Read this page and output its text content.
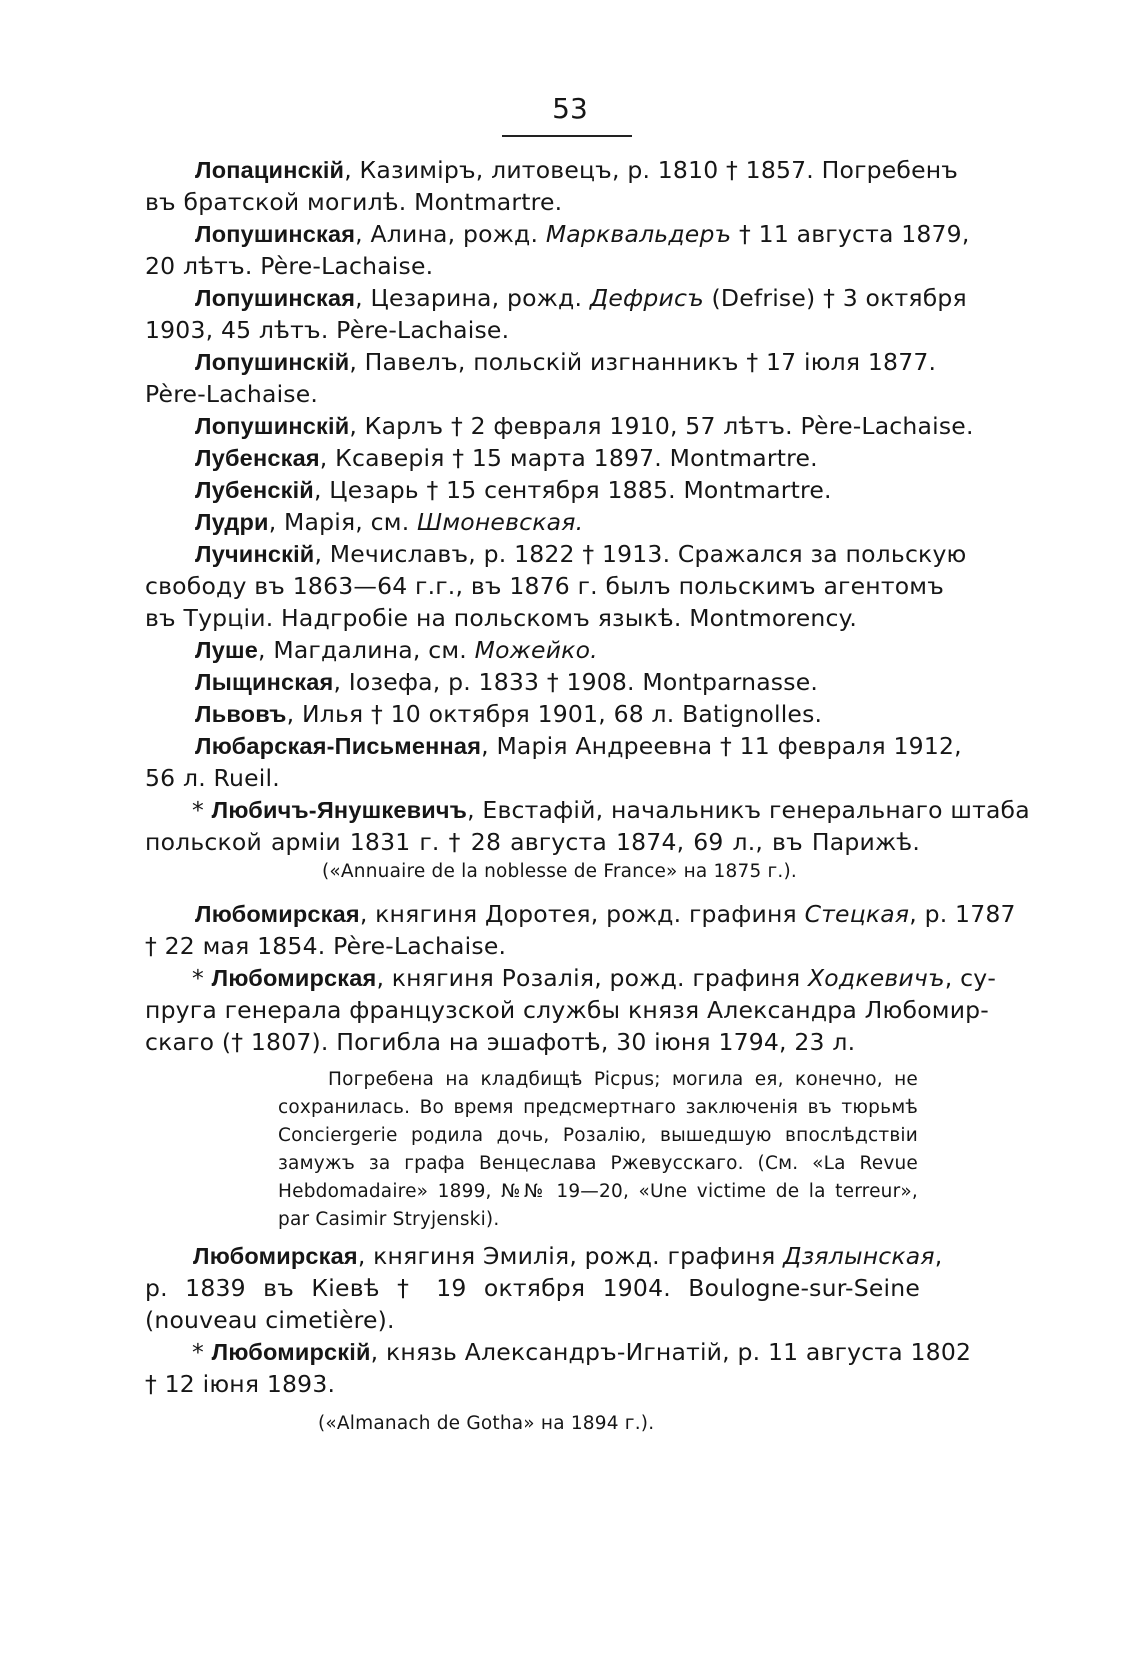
53
Лопацинскій, Казиміръ, литовецъ, р. 1810 † 1857. Погребенъ
въ братской могилѣ. Montmartre.
Лопушинская, Алина, рожд. Марквальдеръ † 11 августа 1879,
20 лѣтъ. Père-Lachaise.
Лопушинская, Цезарина, рожд. Дефрисъ (Defrise) † 3 октября
1903, 45 лѣтъ. Père-Lachaise.
Лопушинскій, Павелъ, польскій изгнанникъ † 17 іюля 1877.
Père-Lachaise.
Лопушинскій, Карлъ † 2 февраля 1910, 57 лѣтъ. Père-Lachaise.
Лубенская, Ксаверія † 15 марта 1897. Montmartre.
Лубенскій, Цезарь † 15 сентября 1885. Montmartre.
Лудри, Марія, см. Шмоневская.
Лучинскій, Мечиславъ, р. 1822 † 1913. Сражался за польскую
свободу въ 1863—64 г.г., въ 1876 г. былъ польскимъ агентомъ
въ Турціи. Надгробіе на польскомъ языкѣ. Montmorency.
Луше, Магдалина, см. Можейко.
Лыщинская, Іозефа, р. 1833 † 1908. Montparnasse.
Львовъ, Илья † 10 октября 1901, 68 л. Batignolles.
Любарская-Письменная, Марія Андреевна † 11 февраля 1912,
56 л. Rueil.
* Любичъ-Янушкевичъ, Евстафій, начальникъ генеральнаго штаба
польской арміи 1831 г. † 28 августа 1874, 69 л., въ Парижѣ.
(«Annuaire de la noblesse de France» на 1875 г.).
Любомирская, княгиня Доротея, рожд. графиня Стецкая, р. 1787
† 22 мая 1854. Père-Lachaise.
* Любомирская, княгиня Розалія, рожд. графиня Ходкевичъ, су-
пруга генерала французской службы князя Александра Любомир-
скаго († 1807). Погибла на эшафотѣ, 30 іюня 1794, 23 л.
Погребена на кладбищѣ Picpus; могила ея, конечно, не
сохранилась. Во время предсмертнаго заключенія въ тюрьмѣ
Conciergerie родила дочь, Розалію, вышедшую впослѣдствіи
замужъ за графа Венцеслава Ржевусскаго. (См. «La Revue
Hebdomadaire» 1899, №№ 19—20, «Une victime de la terreur»,
par Casimir Stryjenski).
Любомирская, княгиня Эмилія, рожд. графиня Дзялынская,
р. 1839 въ Кіевѣ † 19 октября 1904. Boulogne-sur-Seine
(nouveau cimetière).
* Любомирскій, князь Александръ-Игнатій, р. 11 августа 1802
† 12 іюня 1893.
(«Almanach de Gotha» на 1894 г.).
